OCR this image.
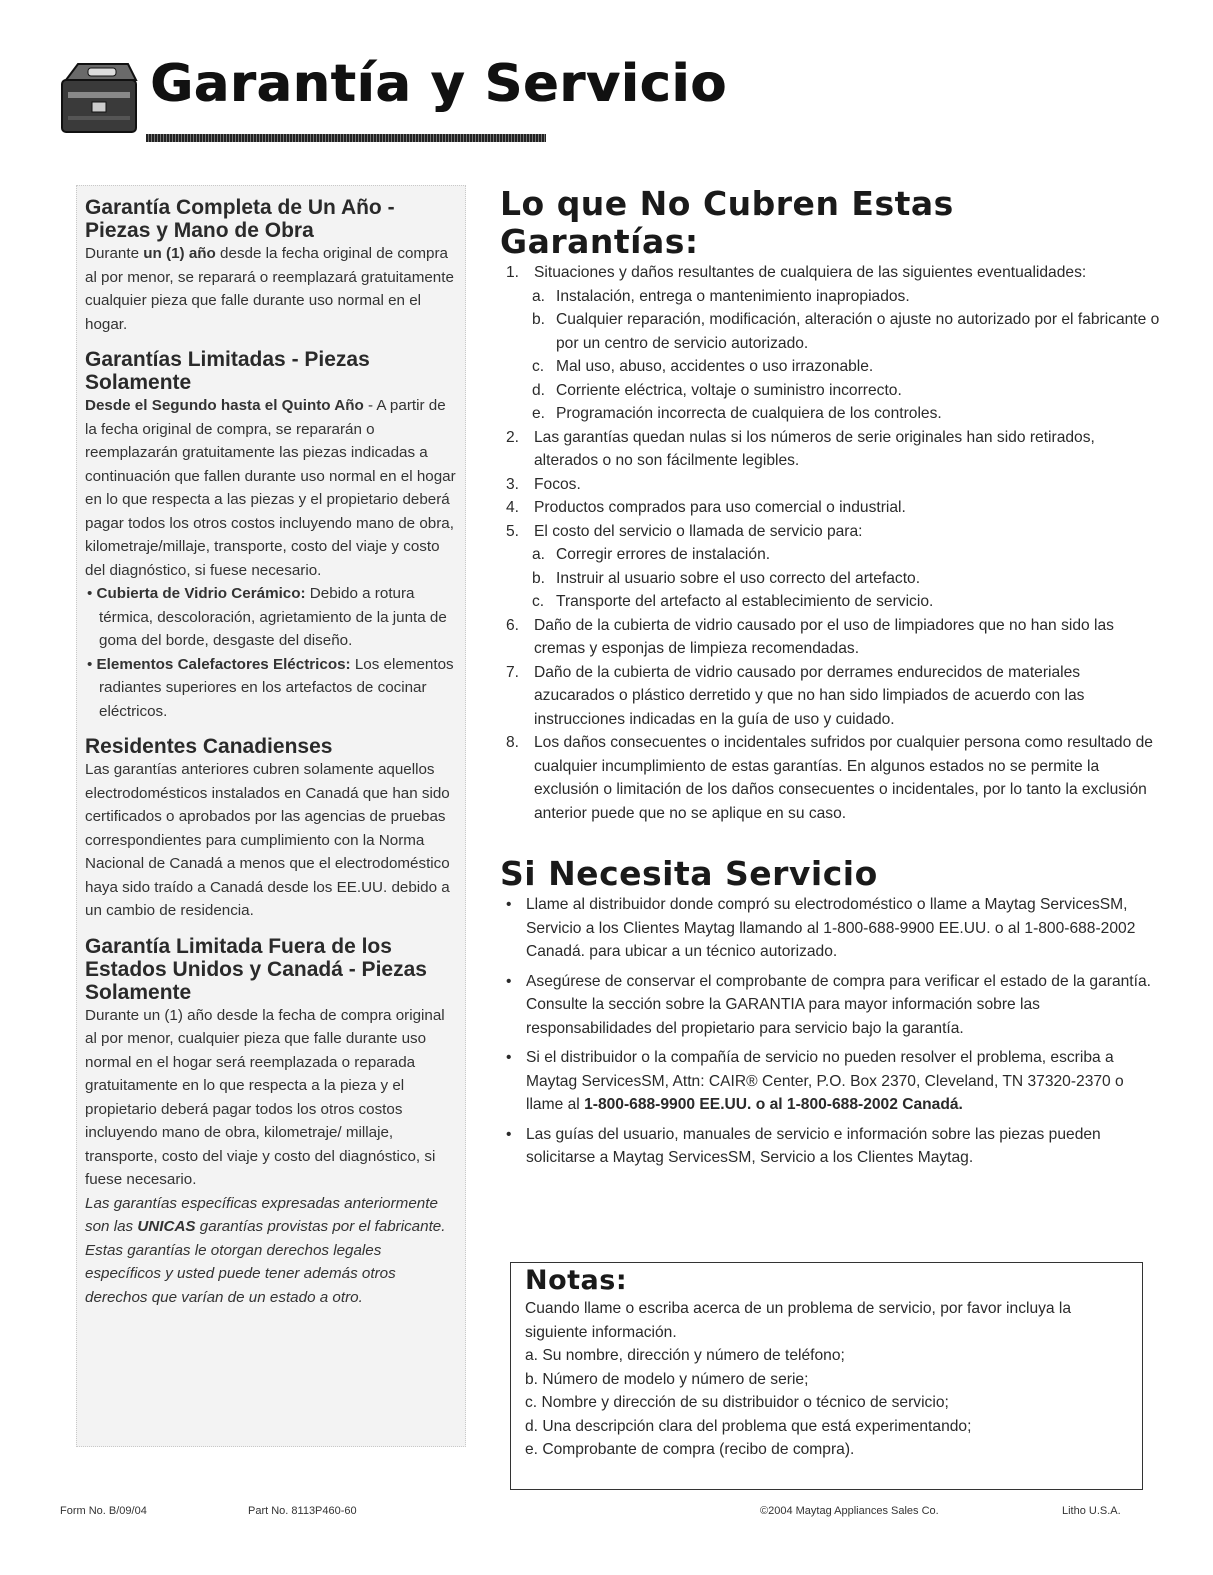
Garantía y Servicio
Garantía Completa de Un Año - Piezas y Mano de Obra

Durante un (1) año desde la fecha original de compra al por menor, se reparará o reemplazará gratuitamente cualquier pieza que falle durante uso normal en el hogar.

Garantías Limitadas - Piezas Solamente

Desde el Segundo hasta el Quinto Año - A partir de la fecha original de compra, se repararán o reemplazarán gratuitamente las piezas indicadas a continuación que fallen durante uso normal en el hogar en lo que respecta a las piezas y el propietario deberá pagar todos los otros costos incluyendo mano de obra, kilometraje/millaje, transporte, costo del viaje y costo del diagnóstico, si fuese necesario.

• Cubierta de Vidrio Cerámico: Debido a rotura térmica, descoloración, agrietamiento de la junta de goma del borde, desgaste del diseño.

• Elementos Calefactores Eléctricos: Los elementos radiantes superiores en los artefactos de cocinar eléctricos.

Residentes Canadienses

Las garantías anteriores cubren solamente aquellos electrodomésticos instalados en Canadá que han sido certificados o aprobados por las agencias de pruebas correspondientes para cumplimiento con la Norma Nacional de Canadá a menos que el electrodoméstico haya sido traído a Canadá desde los EE.UU. debido a un cambio de residencia.

Garantía Limitada Fuera de los Estados Unidos y Canadá - Piezas Solamente

Durante un (1) año desde la fecha de compra original al por menor, cualquier pieza que falle durante uso normal en el hogar será reemplazada o reparada gratuitamente en lo que respecta a la pieza y el propietario deberá pagar todos los otros costos incluyendo mano de obra, kilometraje/ millaje, transporte, costo del viaje y costo del diagnóstico, si fuese necesario.

Las garantías específicas expresadas anteriormente son las UNICAS garantías provistas por el fabricante. Estas garantías le otorgan derechos legales específicos y usted puede tener además otros derechos que varían de un estado a otro.

Lo que No Cubren Estas Garantías:
1. Situaciones y daños resultantes de cualquiera de las siguientes eventualidades:
a. Instalación, entrega o mantenimiento inapropiados.
b. Cualquier reparación, modificación, alteración o ajuste no autorizado por el fabricante o por un centro de servicio autorizado.
c. Mal uso, abuso, accidentes o uso irrazonable.
d. Corriente eléctrica, voltaje o suministro incorrecto.
e. Programación incorrecta de cualquiera de los controles.
2. Las garantías quedan nulas si los números de serie originales han sido retirados, alterados o no son fácilmente legibles.
3. Focos.
4. Productos comprados para uso comercial o industrial.
5. El costo del servicio o llamada de servicio para:
a. Corregir errores de instalación.
b. Instruir al usuario sobre el uso correcto del artefacto.
c. Transporte del artefacto al establecimiento de servicio.
6. Daño de la cubierta de vidrio causado por el uso de limpiadores que no han sido las cremas y esponjas de limpieza recomendadas.
7. Daño de la cubierta de vidrio causado por derrames endurecidos de materiales azucarados o plástico derretido y que no han sido limpiados de acuerdo con las instrucciones indicadas en la guía de uso y cuidado.
8. Los daños consecuentes o incidentales sufridos por cualquier persona como resultado de cualquier incumplimiento de estas garantías. En algunos estados no se permite la exclusión o limitación de los daños consecuentes o incidentales, por lo tanto la exclusión anterior puede que no se aplique en su caso.
Si Necesita Servicio
• Llame al distribuidor donde compró su electrodoméstico o llame a Maytag ServicesSM, Servicio a los Clientes Maytag llamando al 1-800-688-9900 EE.UU. o al 1-800-688-2002 Canadá. para ubicar a un técnico autorizado.
• Asegúrese de conservar el comprobante de compra para verificar el estado de la garantía. Consulte la sección sobre la GARANTIA para mayor información sobre las responsabilidades del propietario para servicio bajo la garantía.
• Si el distribuidor o la compañía de servicio no pueden resolver el problema, escriba a Maytag ServicesSM, Attn: CAIR® Center, P.O. Box 2370, Cleveland, TN 37320-2370 o llame al 1-800-688-9900 EE.UU. o al 1-800-688-2002 Canadá.
• Las guías del usuario, manuales de servicio e información sobre las piezas pueden solicitarse a Maytag ServicesSM, Servicio a los Clientes Maytag.
Notas:

Cuando llame o escriba acerca de un problema de servicio, por favor incluya la siguiente información.

a. Su nombre, dirección y número de teléfono;
b. Número de modelo y número de serie;
c. Nombre y dirección de su distribuidor o técnico de servicio;
d. Una descripción clara del problema que está experimentando;
e. Comprobante de compra (recibo de compra).
Form No. B/09/04	Part No. 8113P460-60	©2004 Maytag Appliances Sales Co.	Litho U.S.A.
